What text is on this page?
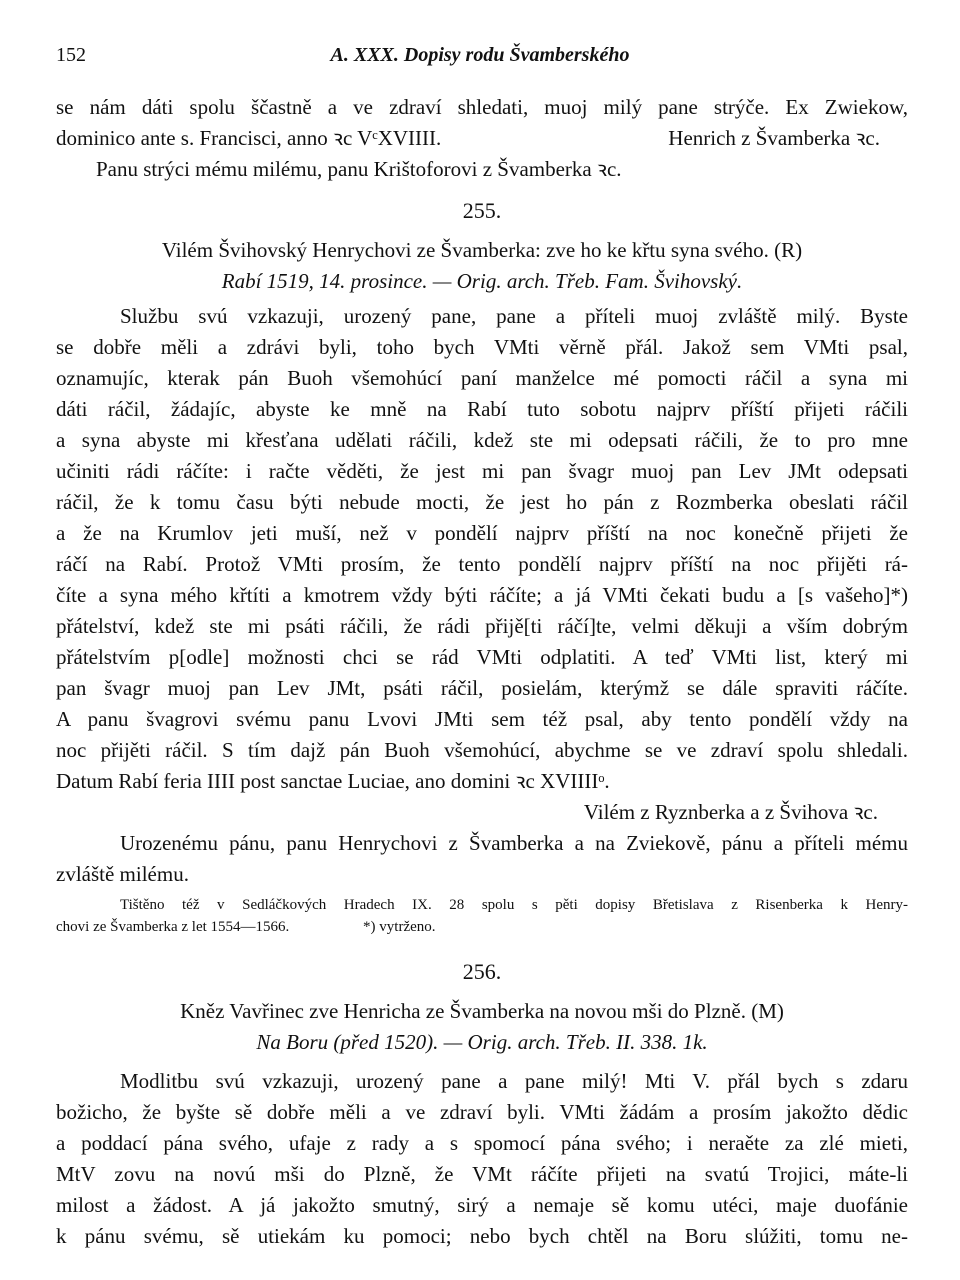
152	A. XXX. Dopisy rodu Švamberského

se nám dáti spolu ščastně a ve zdraví shledati, muoj milý pane strýče. Ex Zwiekow,

dominico ante s. Francisci, anno ꝛc VᶜXVIIII.	Henrich z Švamberka ꝛc.

Panu strýci mému milému, panu Krištoforovi z Švamberka ꝛc.

255.

Vilém Švihovský Henrychovi ze Švamberka: zve ho ke křtu syna svého. (R)

Rabí 1519, 14. prosince. — Orig. arch. Třeb. Fam. Švihovský.

Službu svú vzkazuji, urozený pane, pane a příteli muoj zvláště milý. Byste

se dobře měli a zdrávi byli, toho bych VMti věrně přál. Jakož sem VMti psal,

oznamujíc, kterak pán Buoh všemohúcí paní manželce mé pomocti ráčil a syna mi

dáti ráčil, žádajíc, abyste ke mně na Rabí tuto sobotu najprv příští přijeti ráčili

a syna abyste mi křesťana udělati ráčili, kdež ste mi odepsati ráčili, že to pro mne

učiniti rádi ráčíte: i račte věděti, že jest mi pan švagr muoj pan Lev JMt odepsati

ráčil, že k tomu času býti nebude mocti, že jest ho pán z Rozmberka obeslati ráčil

a že na Krumlov jeti muší, než v pondělí najprv příští na noc konečně přijeti že

ráčí na Rabí. Protož VMti prosím, že tento pondělí najprv příští na noc přijěti rá-

číte a syna mého křtíti a kmotrem vždy býti ráčíte; a já VMti čekati budu a [s vašeho]*)

přátelství, kdež ste mi psáti ráčili, že rádi přijě[ti ráčí]te, velmi děkuji a vším dobrým

přátelstvím p[odle] možnosti chci se rád VMti odplatiti. A teď VMti list, který mi

pan švagr muoj pan Lev JMt, psáti ráčil, posielám, kterýmž se dále spraviti ráčíte.

A panu švagrovi svému panu Lvovi JMti sem též psal, aby tento pondělí vždy na

noc přijěti ráčil. S tím dajž pán Buoh všemohúcí, abychme se ve zdraví spolu shledali.

Datum Rabí feria IIII post sanctae Luciae, ano domini ꝛc XVIIIIᵒ.

Vilém z Ryznberka a z Švihova ꝛc.

Urozenému pánu, panu Henrychovi z Švamberka a na Zviekově, pánu a příteli mému

zvláště milému.

Tištěno též v Sedláčkových Hradech IX. 28 spolu s pěti dopisy Břetislava z Risenberka k Henry-

chovi ze Švamberka z let 1554—1566.	*) vytrženo.

256.

Kněz Vavřinec zve Henricha ze Švamberka na novou mši do Plzně. (M)

Na Boru (před 1520). — Orig. arch. Třeb. II. 338. 1k.

Modlitbu svú vzkazuji, urozený pane a pane milý! Mti V. přál bych s zdaru

božicho, že byšte sě dobře měli a ve zdraví byli. VMti žádám a prosím jakožto dědic

a poddací pána svého, ufaje z rady a s spomocí pána svého; i neraěte za zlé mieti,

MtV zovu na novú mši do Plzně, že VMt ráčíte přijeti na svatú Trojici, máte-li

milost a žádost. A já jakožto smutný, sirý a nemaje sě komu utéci, maje duofánie

k pánu svému, sě utiekám ku pomoci; nebo bych chtěl na Boru slúžiti, tomu ne-
